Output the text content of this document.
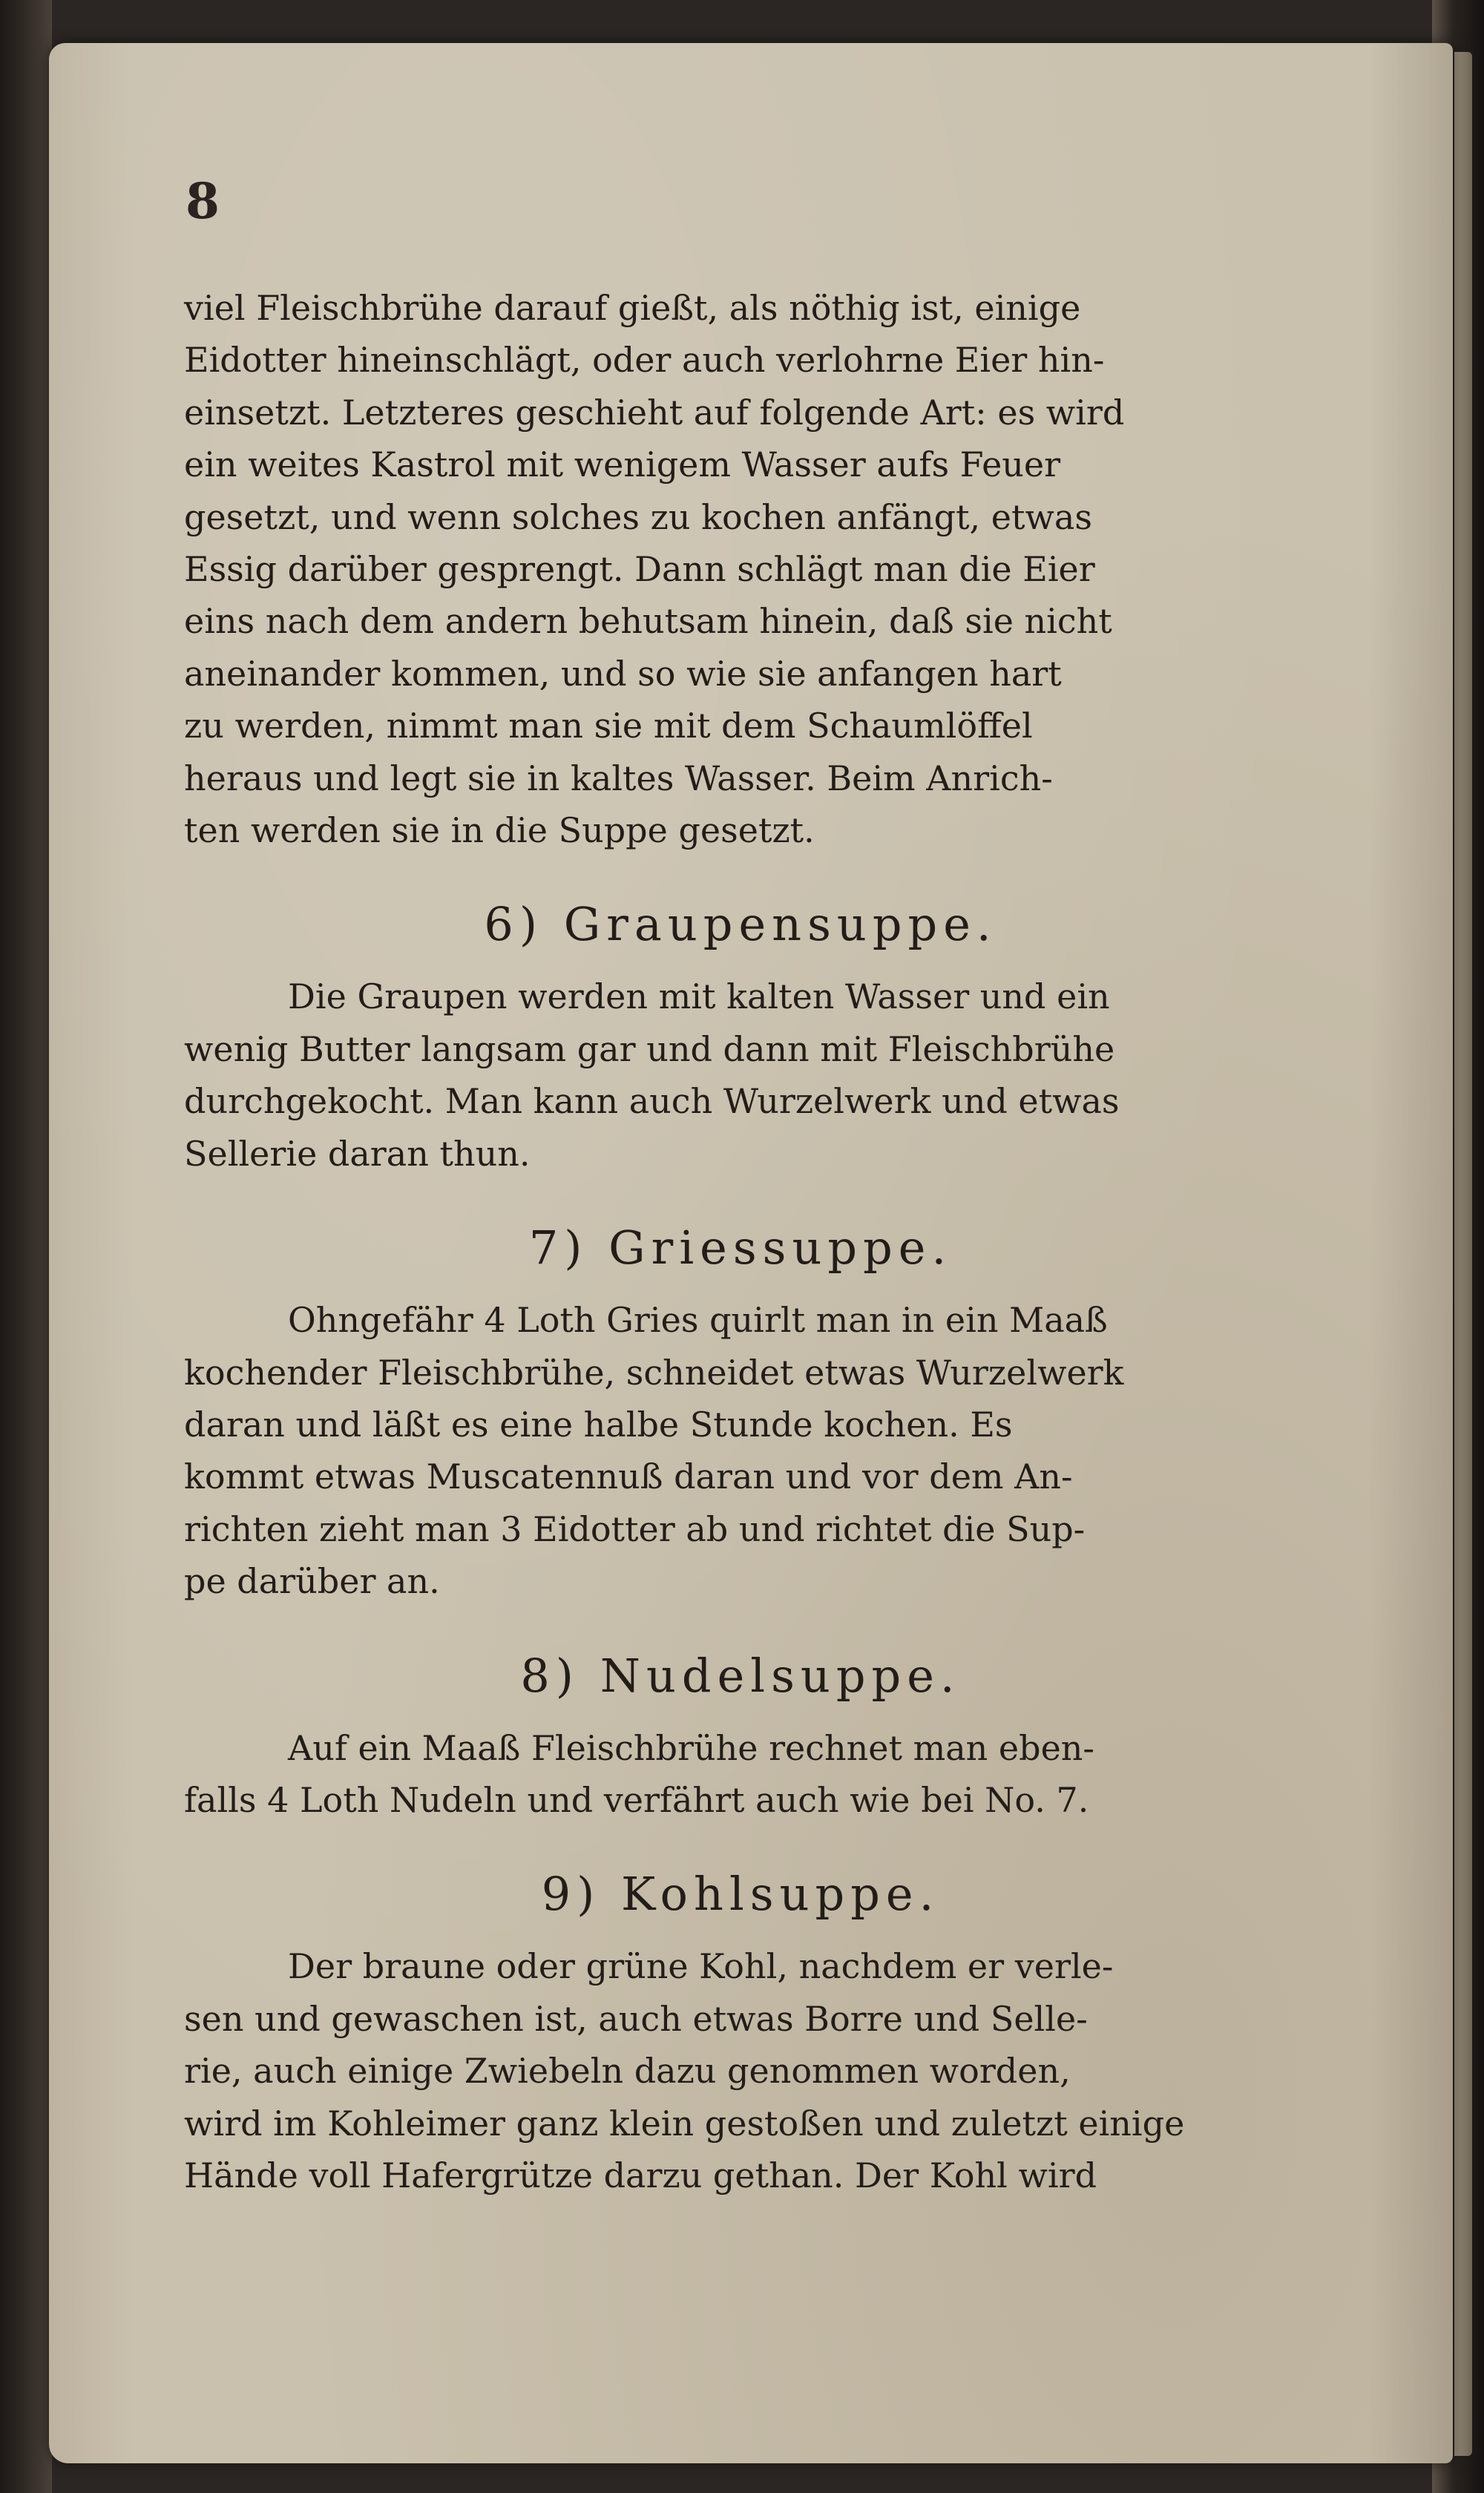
8

viel Fleischbrühe darauf gießt, als nöthig ist, einige
Eidotter hineinschlägt, oder auch verlohrne Eier hin-
einsetzt. Letzteres geschieht auf folgende Art: es wird
ein weites Kastrol mit wenigem Wasser aufs Feuer
gesetzt, und wenn solches zu kochen anfängt, etwas
Essig darüber gesprengt. Dann schlägt man die Eier
eins nach dem andern behutsam hinein, daß sie nicht
aneinander kommen, und so wie sie anfangen hart
zu werden, nimmt man sie mit dem Schaumlöffel
heraus und legt sie in kaltes Wasser. Beim Anrich-
ten werden sie in die Suppe gesetzt.

6) Graupensuppe.

Die Graupen werden mit kalten Wasser und ein
wenig Butter langsam gar und dann mit Fleischbrühe
durchgekocht. Man kann auch Wurzelwerk und etwas
Sellerie daran thun.

7) Griessuppe.

Ohngefähr 4 Loth Gries quirlt man in ein Maaß
kochender Fleischbrühe, schneidet etwas Wurzelwerk
daran und läßt es eine halbe Stunde kochen. Es
kommt etwas Muscatennuß daran und vor dem An-
richten zieht man 3 Eidotter ab und richtet die Sup-
pe darüber an.

8) Nudelsuppe.

Auf ein Maaß Fleischbrühe rechnet man eben-
falls 4 Loth Nudeln und verfährt auch wie bei No. 7.

9) Kohlsuppe.

Der braune oder grüne Kohl, nachdem er verle-
sen und gewaschen ist, auch etwas Borre und Selle-
rie, auch einige Zwiebeln dazu genommen worden,
wird im Kohleimer ganz klein gestoßen und zuletzt einige
Hände voll Hafergrütze darzu gethan. Der Kohl wird
